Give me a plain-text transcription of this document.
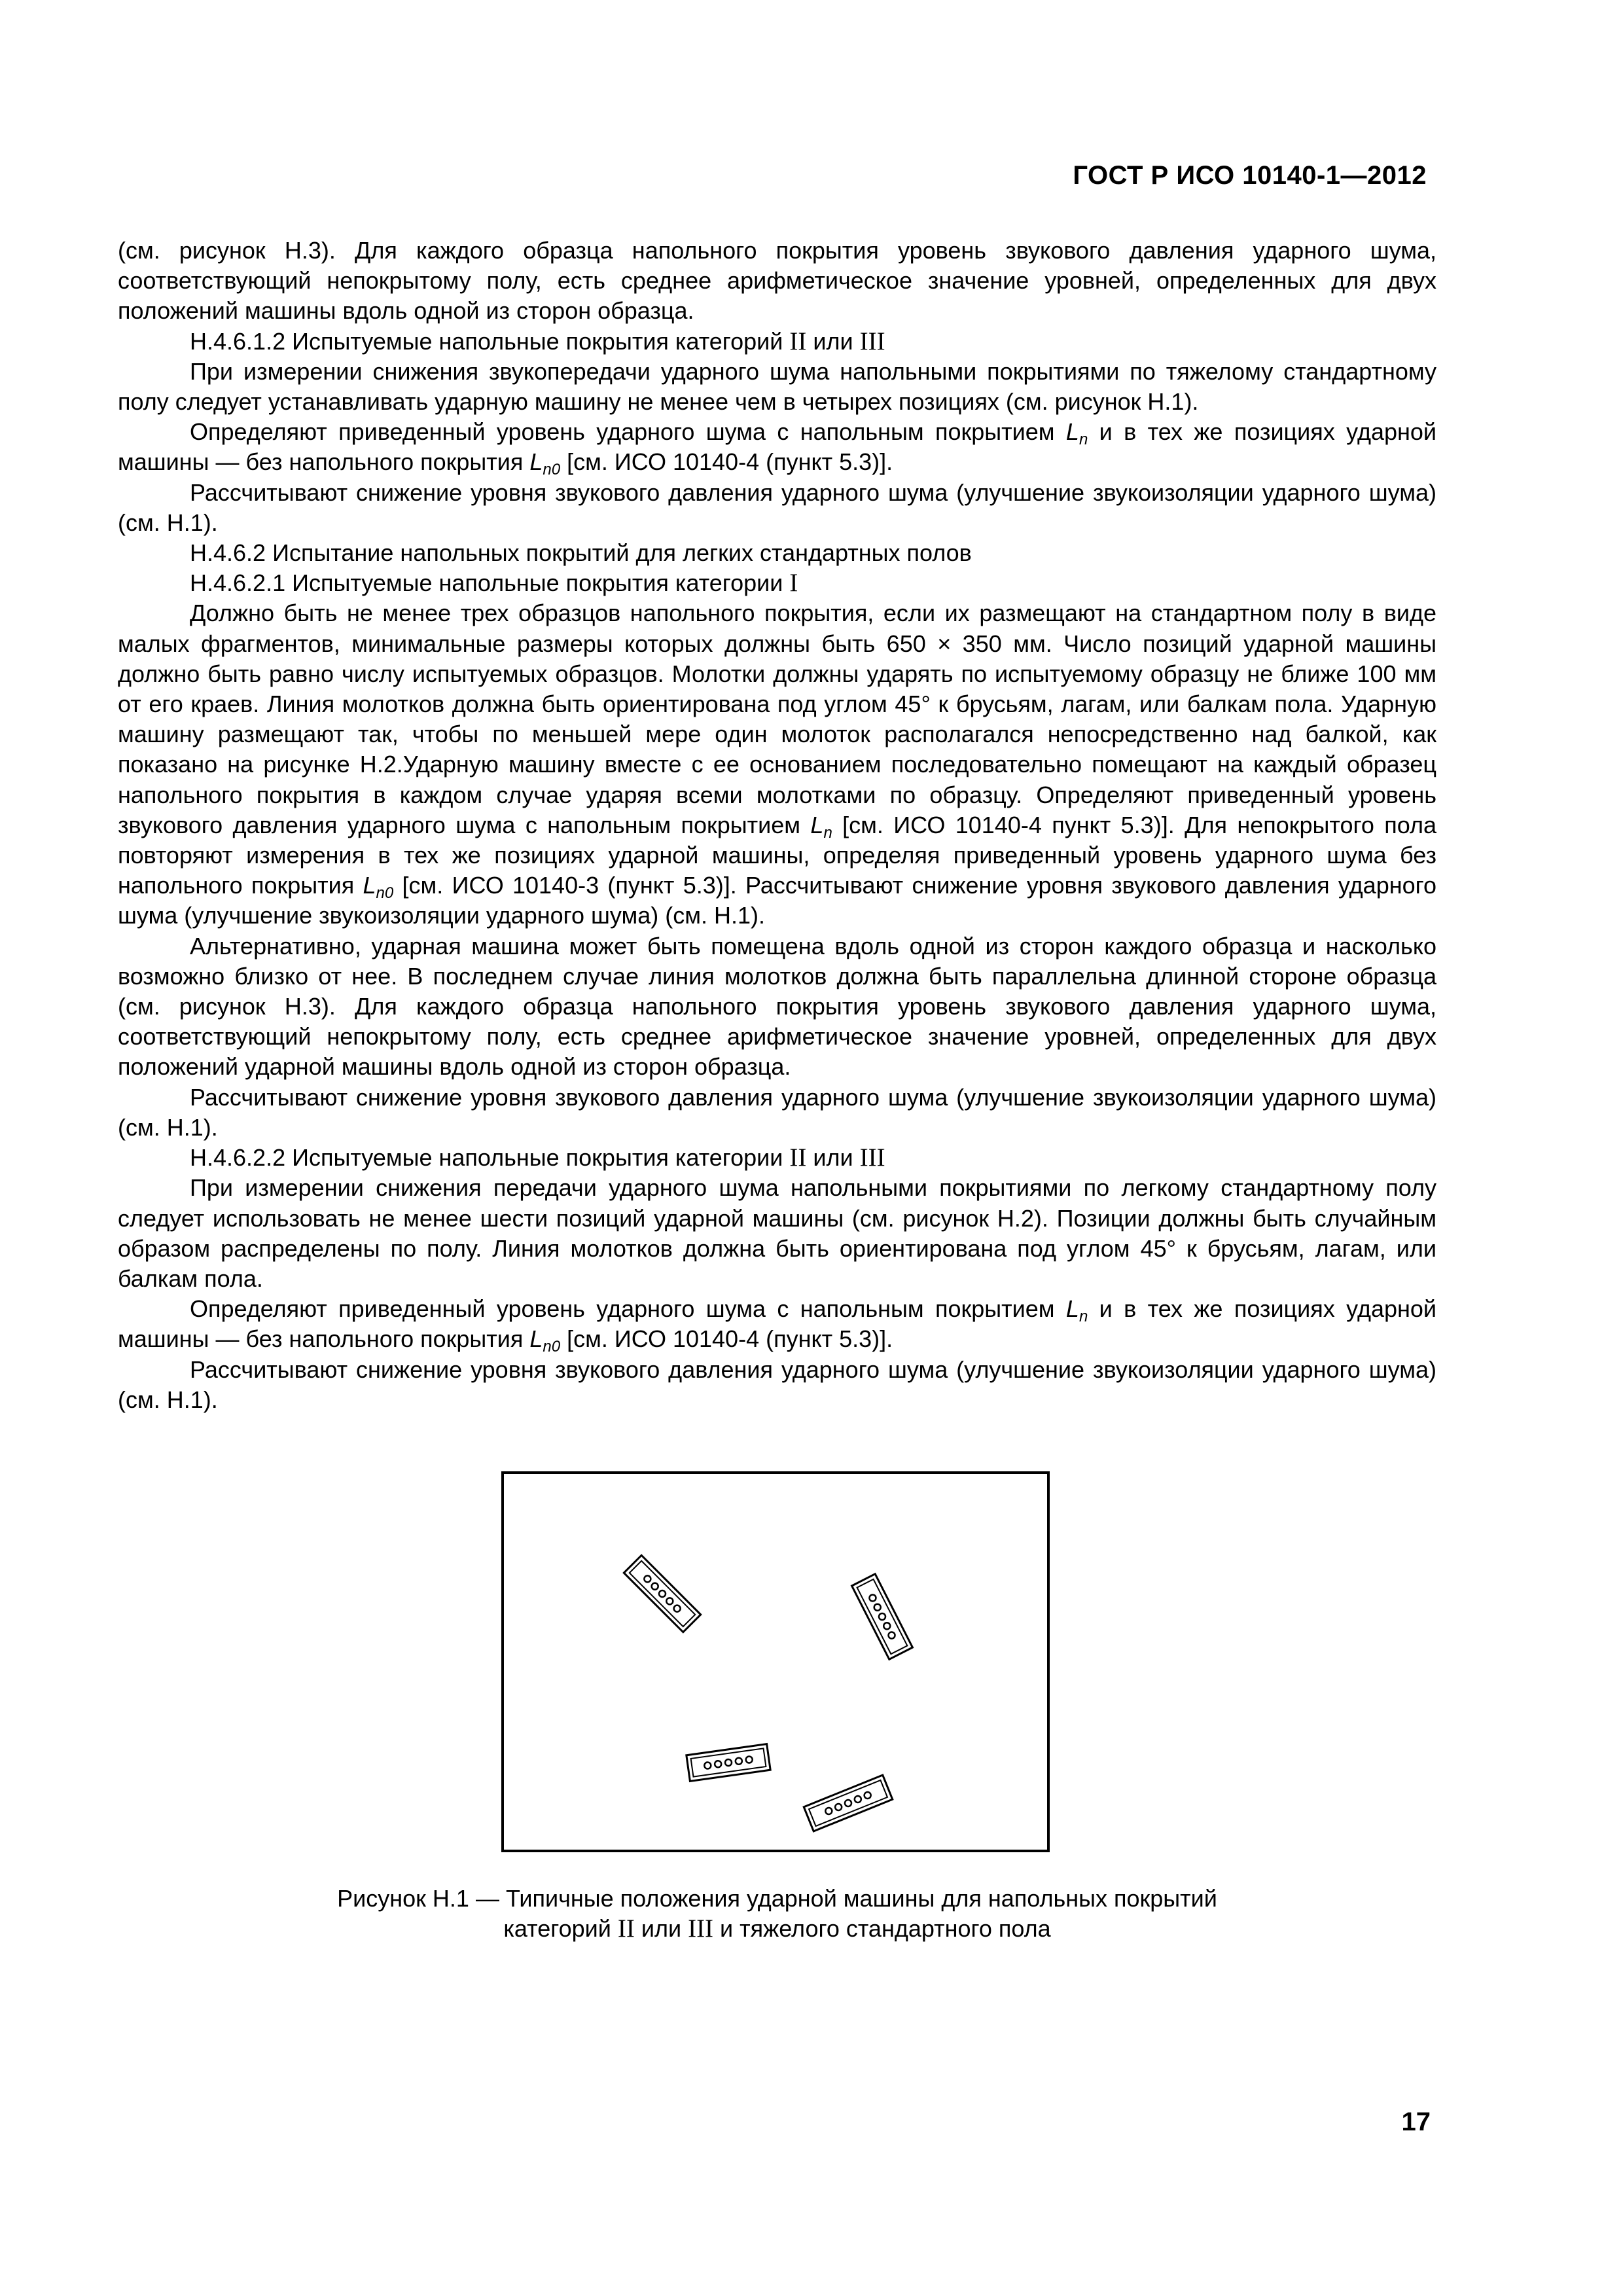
ГОСТ Р ИСО 10140-1—2012

(см. рисунок Н.3). Для каждого образца напольного покрытия уровень звукового давления ударного шума, соответствующий непокрытому полу, есть среднее арифметическое значение уровней, определенных для двух положений машины вдоль одной из сторон образца.

Н.4.6.1.2 Испытуемые напольные покрытия категорий II или III

При измерении снижения звукопередачи ударного шума напольными покрытиями по тяжелому стандартному полу следует устанавливать ударную машину не менее чем в четырех позициях (см. рисунок Н.1).

Определяют приведенный уровень ударного шума с напольным покрытием $L_n$ и в тех же позициях ударной машины — без напольного покрытия $L_{n0}$ [см. ИСО 10140-4 (пункт 5.3)].

Рассчитывают снижение уровня звукового давления ударного шума (улучшение звукоизоляции ударного шума) (см. Н.1).

Н.4.6.2 Испытание напольных покрытий для легких стандартных полов

Н.4.6.2.1 Испытуемые напольные покрытия категории I

Должно быть не менее трех образцов напольного покрытия, если их размещают на стандартном полу в виде малых фрагментов, минимальные размеры которых должны быть 650 × 350 мм. Число позиций ударной машины должно быть равно числу испытуемых образцов. Молотки должны ударять по испытуемому образцу не ближе 100 мм от его краев. Линия молотков должна быть ориентирована под углом 45° к брусьям, лагам, или балкам пола. Ударную машину размещают так, чтобы по меньшей мере один молоток располагался непосредственно над балкой, как показано на рисунке Н.2.Ударную машину вместе с ее основанием последовательно помещают на каждый образец напольного покрытия в каждом случае ударяя всеми молотками по образцу. Определяют приведенный уровень звукового давления ударного шума с напольным покрытием $L_n$ [см. ИСО 10140-4 пункт 5.3)]. Для непокрытого пола повторяют измерения в тех же позициях ударной машины, определяя приведенный уровень ударного шума без напольного покрытия $L_{n0}$ [см. ИСО 10140-3 (пункт 5.3)]. Рассчитывают снижение уровня звукового давления ударного шума (улучшение звукоизоляции ударного шума) (см. Н.1).

Альтернативно, ударная машина может быть помещена вдоль одной из сторон каждого образца и насколько возможно близко от нее. В последнем случае линия молотков должна быть параллельна длинной стороне образца (см. рисунок Н.3). Для каждого образца напольного покрытия уровень звукового давления ударного шума, соответствующий непокрытому полу, есть среднее арифметическое значение уровней, определенных для двух положений ударной машины вдоль одной из сторон образца.

Рассчитывают снижение уровня звукового давления ударного шума (улучшение звукоизоляции ударного шума) (см. Н.1).

Н.4.6.2.2 Испытуемые напольные покрытия категории II или III

При измерении снижения передачи ударного шума напольными покрытиями по легкому стандартному полу следует использовать не менее шести позиций ударной машины (см. рисунок Н.2). Позиции должны быть случайным образом распределены по полу. Линия молотков должна быть ориентирована под углом 45° к брусьям, лагам, или балкам пола.

Определяют приведенный уровень ударного шума с напольным покрытием $L_n$ и в тех же позициях ударной машины — без напольного покрытия $L_{n0}$ [см. ИСО 10140-4 (пункт 5.3)].

Рассчитывают снижение уровня звукового давления ударного шума (улучшение звукоизоляции ударного шума) (см. Н.1).

Рисунок Н.1 — Типичные положения ударной машины для напольных покрытий
категорий II или III и тяжелого стандартного пола
17
